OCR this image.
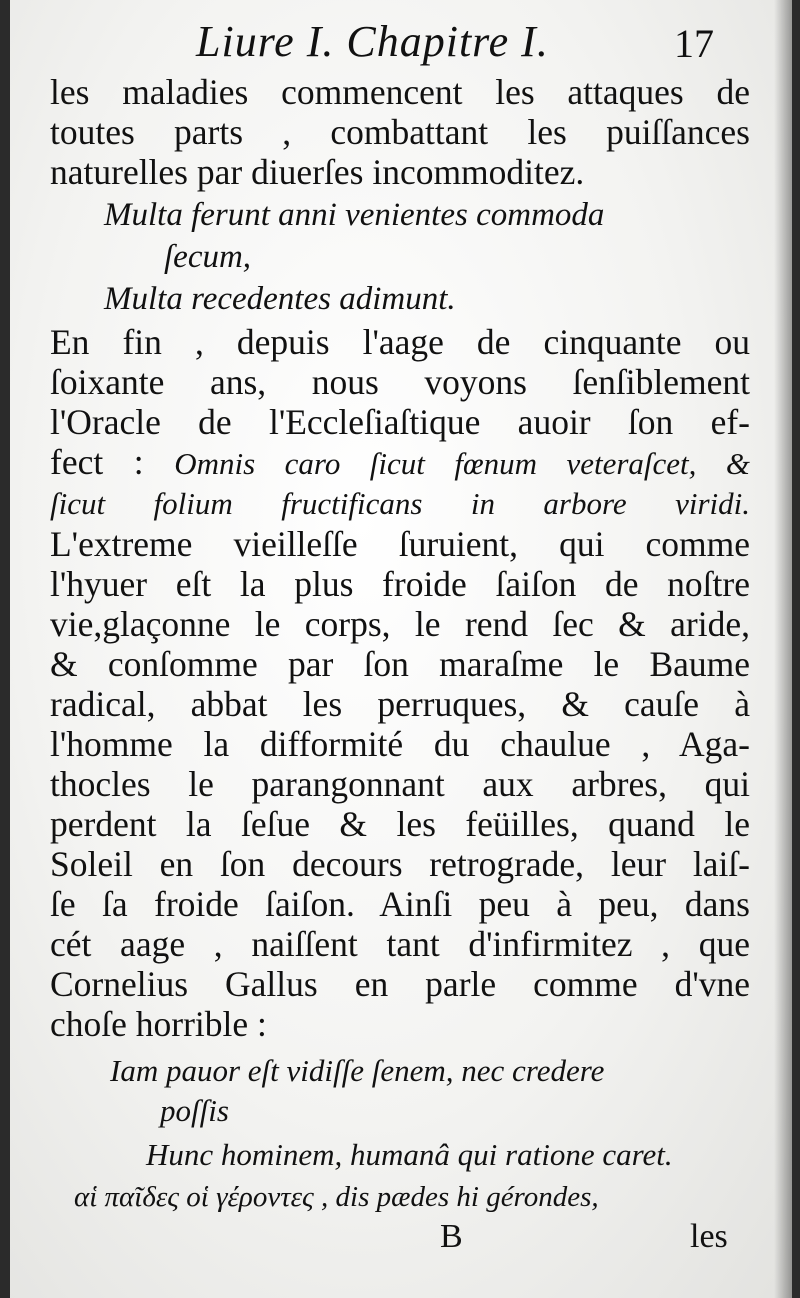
Liure I. Chapitre I.	17
les maladies commencent les attaques de
toutes parts , combattant les puiſſances
naturelles par diuerſes incommoditez.
Multa ferunt anni venientes commoda
ſecum,
Multa recedentes adimunt.
En fin , depuis l'aage de cinquante ou
ſoixante ans, nous voyons ſenſiblement
l'Oracle de l'Eccleſiaſtique auoir ſon ef-
fect : Omnis caro ſicut fœnum veteraſcet, &
ſicut folium fructificans in arbore viridi.
L'extreme vieilleſſe ſuruient, qui comme
l'hyuer eſt la plus froide ſaiſon de noſtre
vie,glaçonne le corps, le rend ſec & aride,
& conſomme par ſon maraſme le Baume
radical, abbat les perruques, & cauſe à
l'homme la difformité du chaulue , Aga-
thocles le parangonnant aux arbres, qui
perdent la ſeſue & les feüilles, quand le
Soleil en ſon decours retrograde, leur laiſ-
ſe ſa froide ſaiſon. Ainſi peu à peu, dans
cét aage , naiſſent tant d'infirmitez , que
Cornelius Gallus en parle comme d'vne
choſe horrible :
Iam pauor eſt vidiſſe ſenem, nec credere
poſſis
Hunc hominem, humanâ qui ratione caret.
αἱ παῖδες οἱ γέροντες , dis pædes hi gérondes,
B	les
